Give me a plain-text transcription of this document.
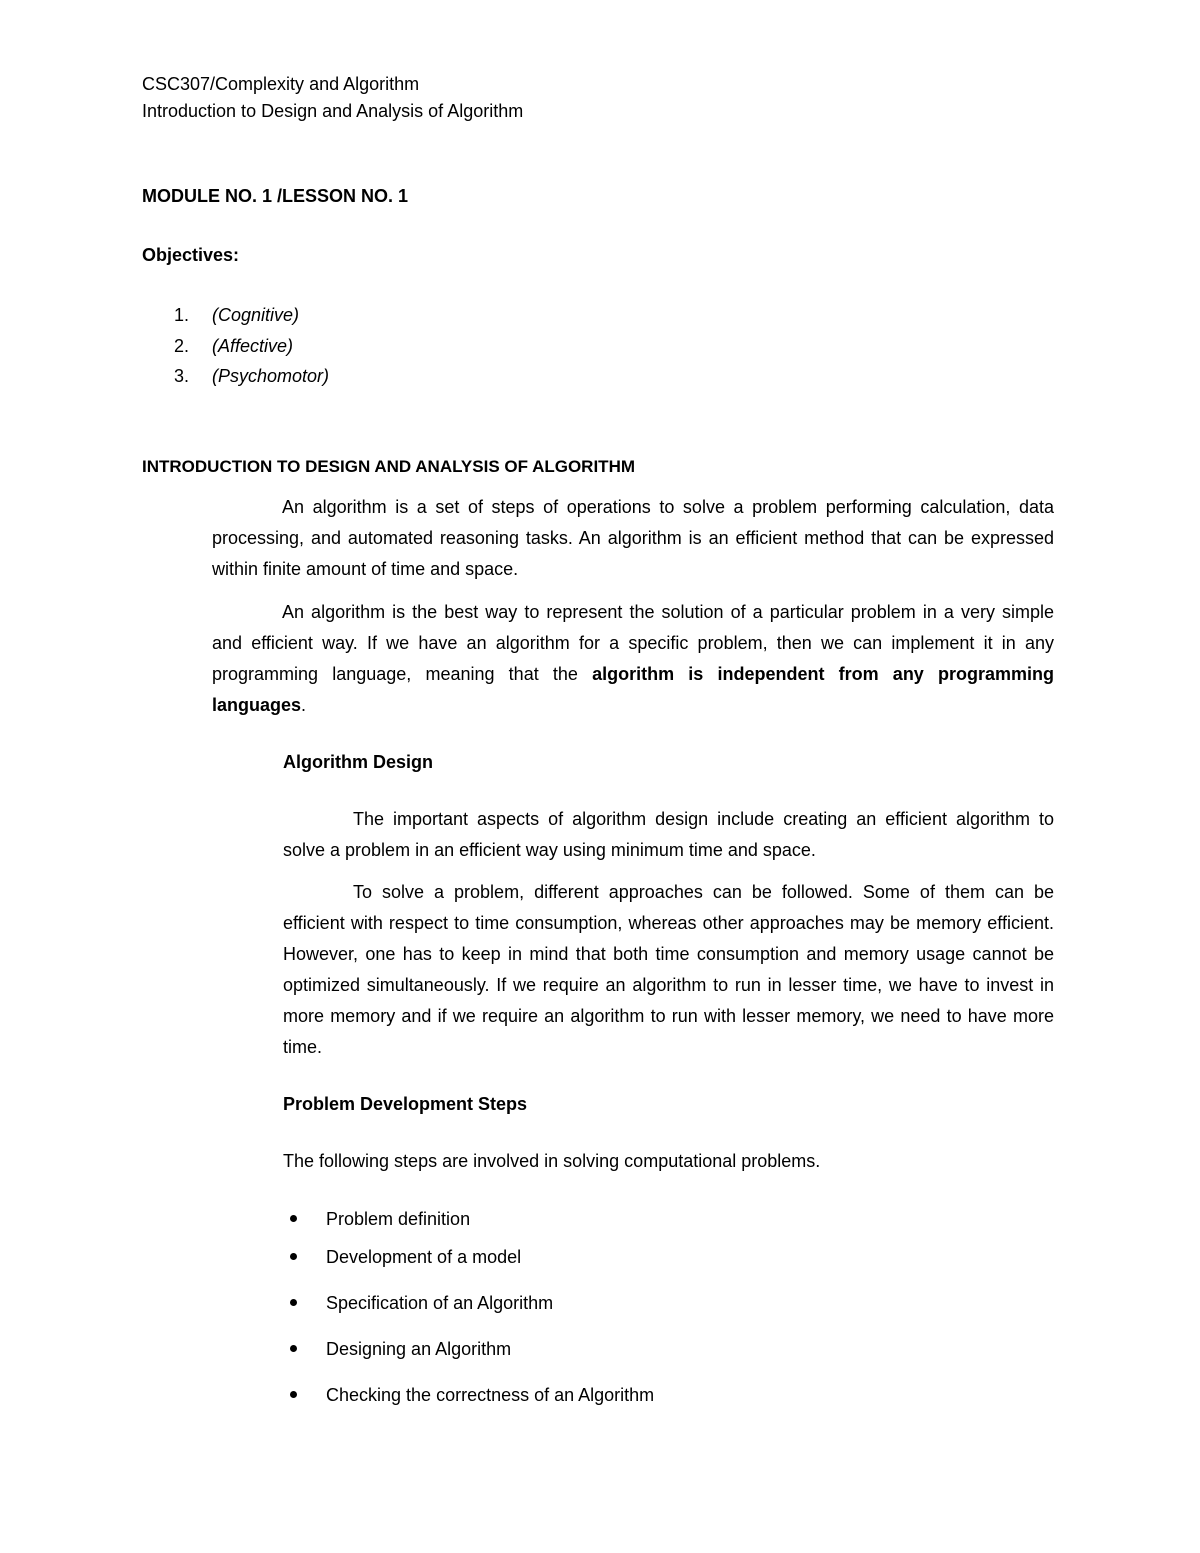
CSC307/Complexity and Algorithm

Introduction to Design and Analysis of Algorithm

MODULE NO. 1 /LESSON NO. 1

Objectives:

1. (Cognitive)

2. (Affective)

3. (Psychomotor)

INTRODUCTION TO DESIGN AND ANALYSIS OF ALGORITHM

An algorithm is a set of steps of operations to solve a problem performing calculation, data processing, and automated reasoning tasks. An algorithm is an efficient method that can be expressed within finite amount of time and space.

An algorithm is the best way to represent the solution of a particular problem in a very simple and efficient way. If we have an algorithm for a specific problem, then we can implement it in any programming language, meaning that the algorithm is independent from any programming languages.

Algorithm Design

The important aspects of algorithm design include creating an efficient algorithm to solve a problem in an efficient way using minimum time and space.

To solve a problem, different approaches can be followed. Some of them can be efficient with respect to time consumption, whereas other approaches may be memory efficient. However, one has to keep in mind that both time consumption and memory usage cannot be optimized simultaneously. If we require an algorithm to run in lesser time, we have to invest in more memory and if we require an algorithm to run with lesser memory, we need to have more time.

Problem Development Steps

The following steps are involved in solving computational problems.

Problem definition
Development of a model
Specification of an Algorithm
Designing an Algorithm
Checking the correctness of an Algorithm
